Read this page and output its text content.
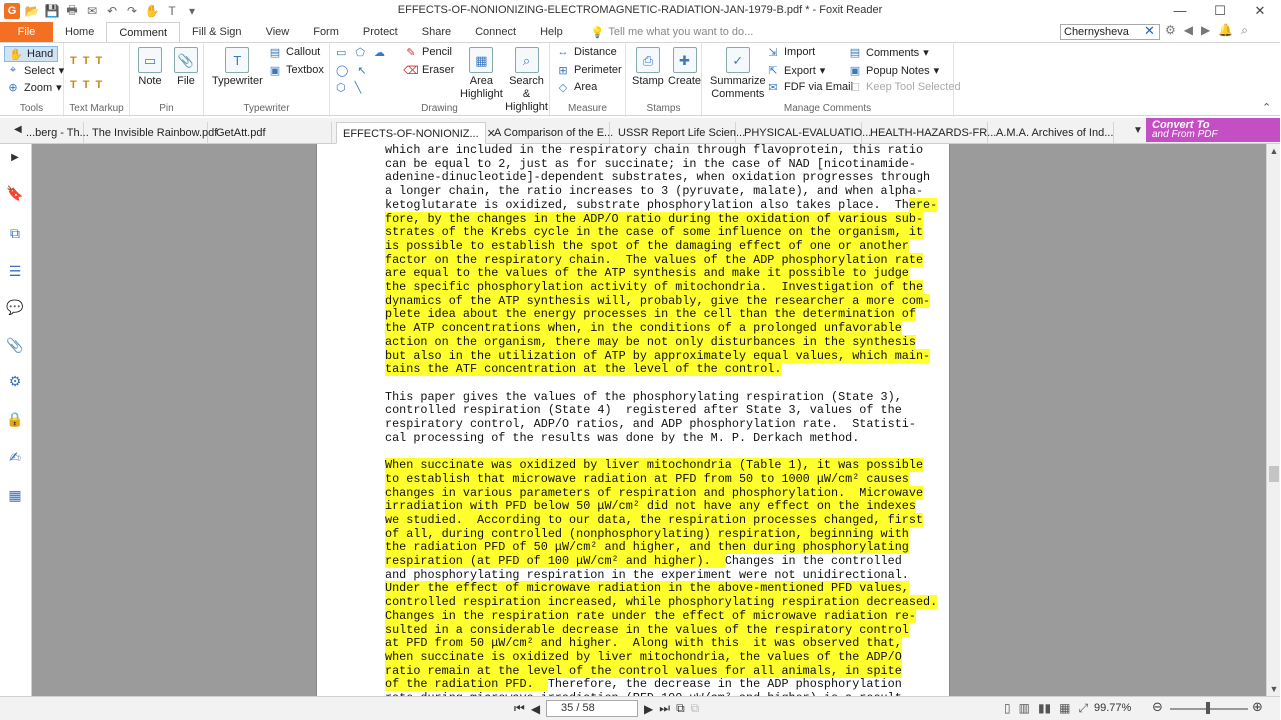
G 📂 💾 🖶 ✉ ↶ ↷ ✋ T	▾	EFFECTS-OF-NONIONIZING-ELECTROMAGNETIC-RADIATION-JAN-1979-B.pdf * - Foxit Reader	—	☐	✕
File	Home	Comment	Fill & Sign	View	Form	Protect	Share	Connect	Help	💡 Tell me what you want to do...	Chernysheva	✕ ⚙ ◀ ▶ 🔔 ⌕
✋ Hand
⌖ Select ▾
⊕ Zoom ▾
Tools
T T T
T T T
Text Markup
▭
Note
📎
File
Pin
T
Typewriter
▤ Callout
▣ Textbox
Typewriter
▭ ⬠ ☁
◯ ↖
⬡ ╲
✎ Pencil
⌫ Eraser
▦
Area
Highlight
⌕
Search &
Highlight
Drawing
↔ Distance
⊞ Perimeter
◇ Area
Measure
⎙
Stamp
✚
Create
Stamps
✓
Summarize
Comments
⇲ Import
⇱ Export ▾
✉ FDF via Email
▤ Comments ▾
▣ Popup Notes ▾
☐ Keep Tool Selected
Manage Comments	⌃
◀ ...berg - Th... The Invisible Rainbow.pdf
GetAtt.pdf	EFFECTS-OF-NONIONIZ... ✕
A Comparison of the E... USSR Report Life Scien...
PHYSICAL-EVALUATIO...
HEALTH-HAZARDS-FR... A.M.A. Archives of Ind... ▼ Convert To
and From PDF
▶
🔖
⧉
☰
💬
📎
⚙
🔒
✍
▦

which are included in the respiratory chain through flavoprotein, this ratio

can be equal to 2, just as for succinate; in the case of NAD [nicotinamide-

adenine-dinucleotide]-dependent substrates, when oxidation progresses through

a longer chain, the ratio increases to 3 (pyruvate, malate), and when alpha-

ketoglutarate is oxidized, substrate phosphorylation also takes place.  There-

fore, by the changes in the ADP/O ratio during the oxidation of various sub-

strates of the Krebs cycle in the case of some influence on the organism, it

is possible to establish the spot of the damaging effect of one or another

factor on the respiratory chain.  The values of the ADP phosphorylation rate

are equal to the values of the ATP synthesis and make it possible to judge

the specific phosphorylation activity of mitochondria.  Investigation of the

dynamics of the ATP synthesis will, probably, give the researcher a more com-

plete idea about the energy processes in the cell than the determination of

the ATP concentrations when, in the conditions of a prolonged unfavorable

action on the organism, there may be not only disturbances in the synthesis

but also in the utilization of ATP by approximately equal values, which main-

tains the ATF concentration at the level of the control.

This paper gives the values of the phosphorylating respiration (State 3),

controlled respiration (State 4)  registered after State 3, values of the

respiratory control, ADP/O ratios, and ADP phosphorylation rate.  Statisti-

cal processing of the results was done by the M. P. Derkach method.

When succinate was oxidized by liver mitochondria (Table 1), it was possible

to establish that microwave radiation at PFD from 50 to 1000 μW/cm² causes

changes in various parameters of respiration and phosphorylation.  Microwave

irradiation with PFD below 50 μW/cm² did not have any effect on the indexes

we studied.  According to our data, the respiration processes changed, first

of all, during controlled (nonphosphorylating) respiration, beginning with

the radiation PFD of 50 μW/cm² and higher, and then during phosphorylating

respiration (at PFD of 100 μW/cm² and higher).  Changes in the controlled

and phosphorylating respiration in the experiment were not unidirectional.

Under the effect of microwave radiation in the above-mentioned PFD values,

controlled respiration increased, while phosphorylating respiration decreased.

Changes in the respiration rate under the effect of microwave radiation re-

sulted in a considerable decrease in the values of the respiratory control

at PFD from 50 μW/cm² and higher.  Along with this  it was observed that,

when succinate is oxidized by liver mitochondria, the values of the ADP/O

ratio remain at the level of the control values for all animals, in spite

of the radiation PFD.  Therefore, the decrease in the ADP phosphorylation

▲
▼
⏮ ◀	35 / 58	▶ ⏭ ⧉ ⧉	▯ ▥ ▮▮ ▦ ⤢ 99.77% ⊖	⊕
